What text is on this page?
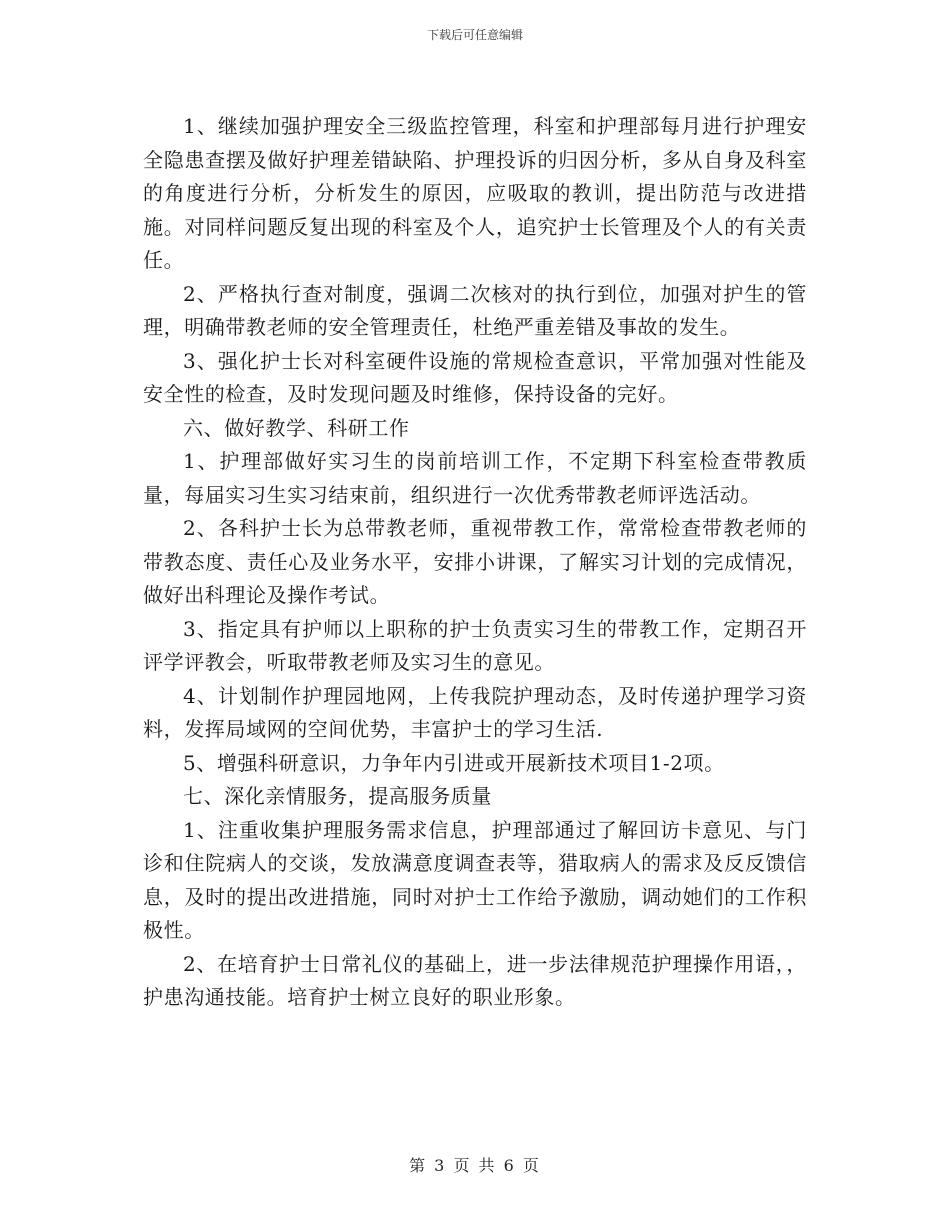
下载后可任意编辑

1、继续加强护理安全三级监控管理，科室和护理部每月进行护理安全隐患查摆及做好护理差错缺陷、护理投诉的归因分析，多从自身及科室的角度进行分析，分析发生的原因，应吸取的教训，提出防范与改进措施。对同样问题反复出现的科室及个人，追究护士长管理及个人的有关责任。

2、严格执行查对制度，强调二次核对的执行到位，加强对护生的管理，明确带教老师的安全管理责任，杜绝严重差错及事故的发生。

3、强化护士长对科室硬件设施的常规检查意识，平常加强对性能及安全性的检查，及时发现问题及时维修，保持设备的完好。

六、做好教学、科研工作

1、护理部做好实习生的岗前培训工作，不定期下科室检查带教质量，每届实习生实习结束前，组织进行一次优秀带教老师评选活动。

2、各科护士长为总带教老师，重视带教工作，常常检查带教老师的带教态度、责任心及业务水平，安排小讲课，了解实习计划的完成情况，做好出科理论及操作考试。

3、指定具有护师以上职称的护士负责实习生的带教工作，定期召开评学评教会，听取带教老师及实习生的意见。

4、计划制作护理园地网，上传我院护理动态，及时传递护理学习资料，发挥局域网的空间优势，丰富护士的学习生活.

5、增强科研意识，力争年内引进或开展新技术项目1-2项。

七、深化亲情服务，提高服务质量

1、注重收集护理服务需求信息，护理部通过了解回访卡意见、与门诊和住院病人的交谈，发放满意度调查表等，猎取病人的需求及反反馈信息，及时的提出改进措施，同时对护士工作给予激励，调动她们的工作积极性。

2、在培育护士日常礼仪的基础上，进一步法律规范护理操作用语，，护患沟通技能。培育护士树立良好的职业形象。

第 3 页 共 6 页
